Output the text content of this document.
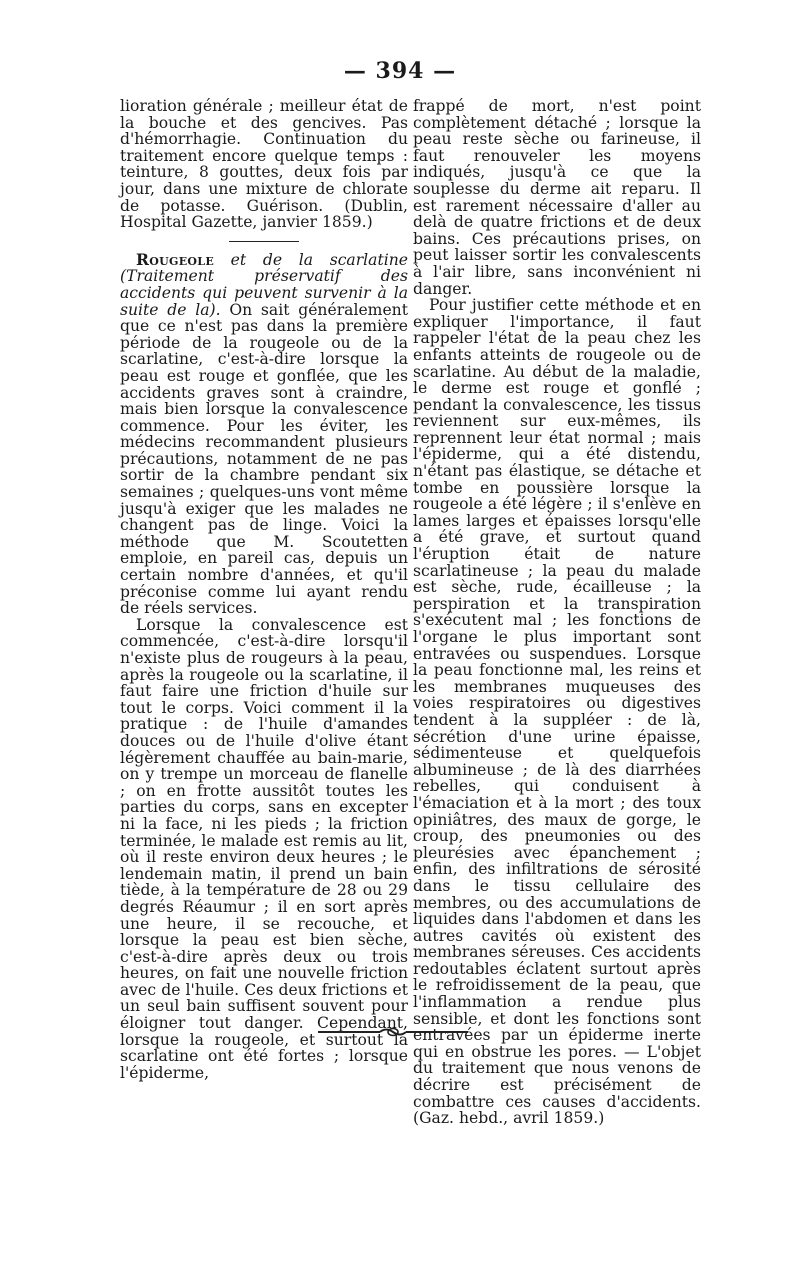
— 394 —

lioration générale ; meilleur état de la bouche et des gencives. Pas d'hémorrhagie. Continuation du traitement encore quelque temps : teinture, 8 gouttes, deux fois par jour, dans une mixture de chlorate de potasse. Guérison. (Dublin, Hospital Gazette, janvier 1859.)

Rougeole et de la scarlatine (Traitement préservatif des accidents qui peuvent survenir à la suite de la). On sait généralement que ce n'est pas dans la première période de la rougeole ou de la scarlatine, c'est-à-dire lorsque la peau est rouge et gonflée, que les accidents graves sont à craindre, mais bien lorsque la convalescence commence. Pour les éviter, les médecins recommandent plusieurs précautions, notamment de ne pas sortir de la chambre pendant six semaines ; quelques-uns vont même jusqu'à exiger que les malades ne changent pas de linge. Voici la méthode que M. Scoutetten emploie, en pareil cas, depuis un certain nombre d'années, et qu'il préconise comme lui ayant rendu de réels services.

Lorsque la convalescence est commencée, c'est-à-dire lorsqu'il n'existe plus de rougeurs à la peau, après la rougeole ou la scarlatine, il faut faire une friction d'huile sur tout le corps. Voici comment il la pratique : de l'huile d'amandes douces ou de l'huile d'olive étant légèrement chauffée au bain-marie, on y trempe un morceau de flanelle ; on en frotte aussitôt toutes les parties du corps, sans en excepter ni la face, ni les pieds ; la friction terminée, le malade est remis au lit, où il reste environ deux heures ; le lendemain matin, il prend un bain tiède, à la température de 28 ou 29 degrés Réaumur ; il en sort après une heure, il se recouche, et lorsque la peau est bien sèche, c'est-à-dire après deux ou trois heures, on fait une nouvelle friction avec de l'huile. Ces deux frictions et un seul bain suffisent souvent pour éloigner tout danger. Cependant, lorsque la rougeole, et surtout la scarlatine ont été fortes ; lorsque l'épiderme,

frappé de mort, n'est point complètement détaché ; lorsque la peau reste sèche ou farineuse, il faut renouveler les moyens indiqués, jusqu'à ce que la souplesse du derme ait reparu. Il est rarement nécessaire d'aller au delà de quatre frictions et de deux bains. Ces précautions prises, on peut laisser sortir les convalescents à l'air libre, sans inconvénient ni danger.

Pour justifier cette méthode et en expliquer l'importance, il faut rappeler l'état de la peau chez les enfants atteints de rougeole ou de scarlatine. Au début de la maladie, le derme est rouge et gonflé ; pendant la convalescence, les tissus reviennent sur eux-mêmes, ils reprennent leur état normal ; mais l'épiderme, qui a été distendu, n'étant pas élastique, se détache et tombe en poussière lorsque la rougeole a été légère ; il s'enlève en lames larges et épaisses lorsqu'elle a été grave, et surtout quand l'éruption était de nature scarlatineuse ; la peau du malade est sèche, rude, écailleuse ; la perspiration et la transpiration s'exécutent mal ; les fonctions de l'organe le plus important sont entravées ou suspendues. Lorsque la peau fonctionne mal, les reins et les membranes muqueuses des voies respiratoires ou digestives tendent à la suppléer : de là, sécrétion d'une urine épaisse, sédimenteuse et quelquefois albumineuse ; de là des diarrhées rebelles, qui conduisent à l'émaciation et à la mort ; des toux opiniâtres, des maux de gorge, le croup, des pneumonies ou des pleurésies avec épanchement ; enfin, des infiltrations de sérosité dans le tissu cellulaire des membres, ou des accumulations de liquides dans l'abdomen et dans les autres cavités où existent des membranes séreuses. Ces accidents redoutables éclatent surtout après le refroidissement de la peau, que l'inflammation a rendue plus sensible, et dont les fonctions sont entravées par un épiderme inerte qui en obstrue les pores. — L'objet du traitement que nous venons de décrire est précisément de combattre ces causes d'accidents. (Gaz. hebd., avril 1859.)
